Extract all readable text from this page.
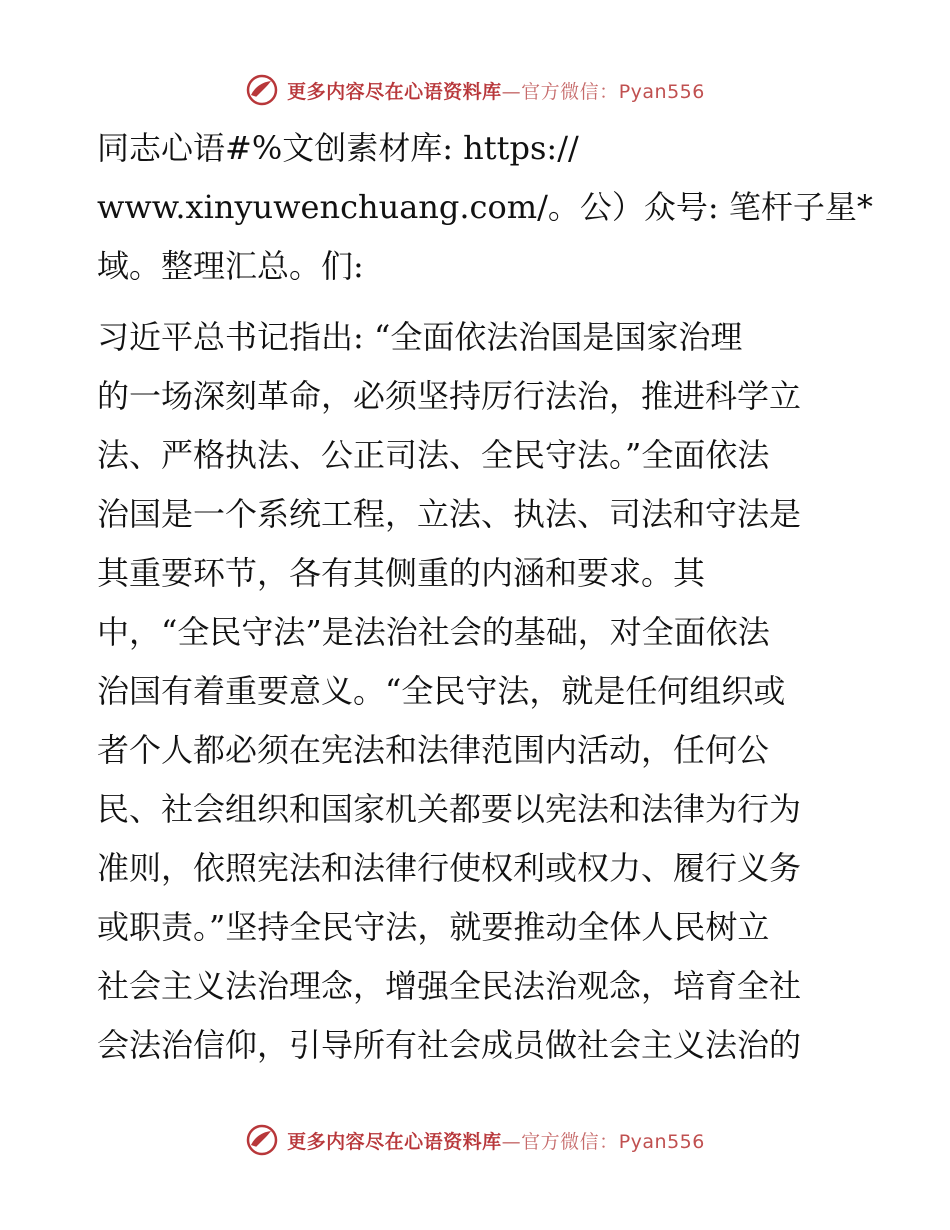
更多内容尽在心语资料库—官方微信：Pyan556
同志心语#%文创素材库: https://
www.xinyuwenchuang.com/。公）众号: 笔杆子星*
域。整理汇总。们:
习近平总书记指出: “全面依法治国是国家治理
的一场深刻革命，必须坚持厉行法治，推进科学立
法、严格执法、公正司法、全民守法。”全面依法
治国是一个系统工程，立法、执法、司法和守法是
其重要环节，各有其侧重的内涵和要求。其
中，“全民守法”是法治社会的基础，对全面依法
治国有着重要意义。“全民守法，就是任何组织或
者个人都必须在宪法和法律范围内活动，任何公
民、社会组织和国家机关都要以宪法和法律为行为
准则，依照宪法和法律行使权利或权力、履行义务
或职责。”坚持全民守法，就要推动全体人民树立
社会主义法治理念，增强全民法治观念，培育全社
会法治信仰，引导所有社会成员做社会主义法治的
更多内容尽在心语资料库—官方微信：Pyan556
